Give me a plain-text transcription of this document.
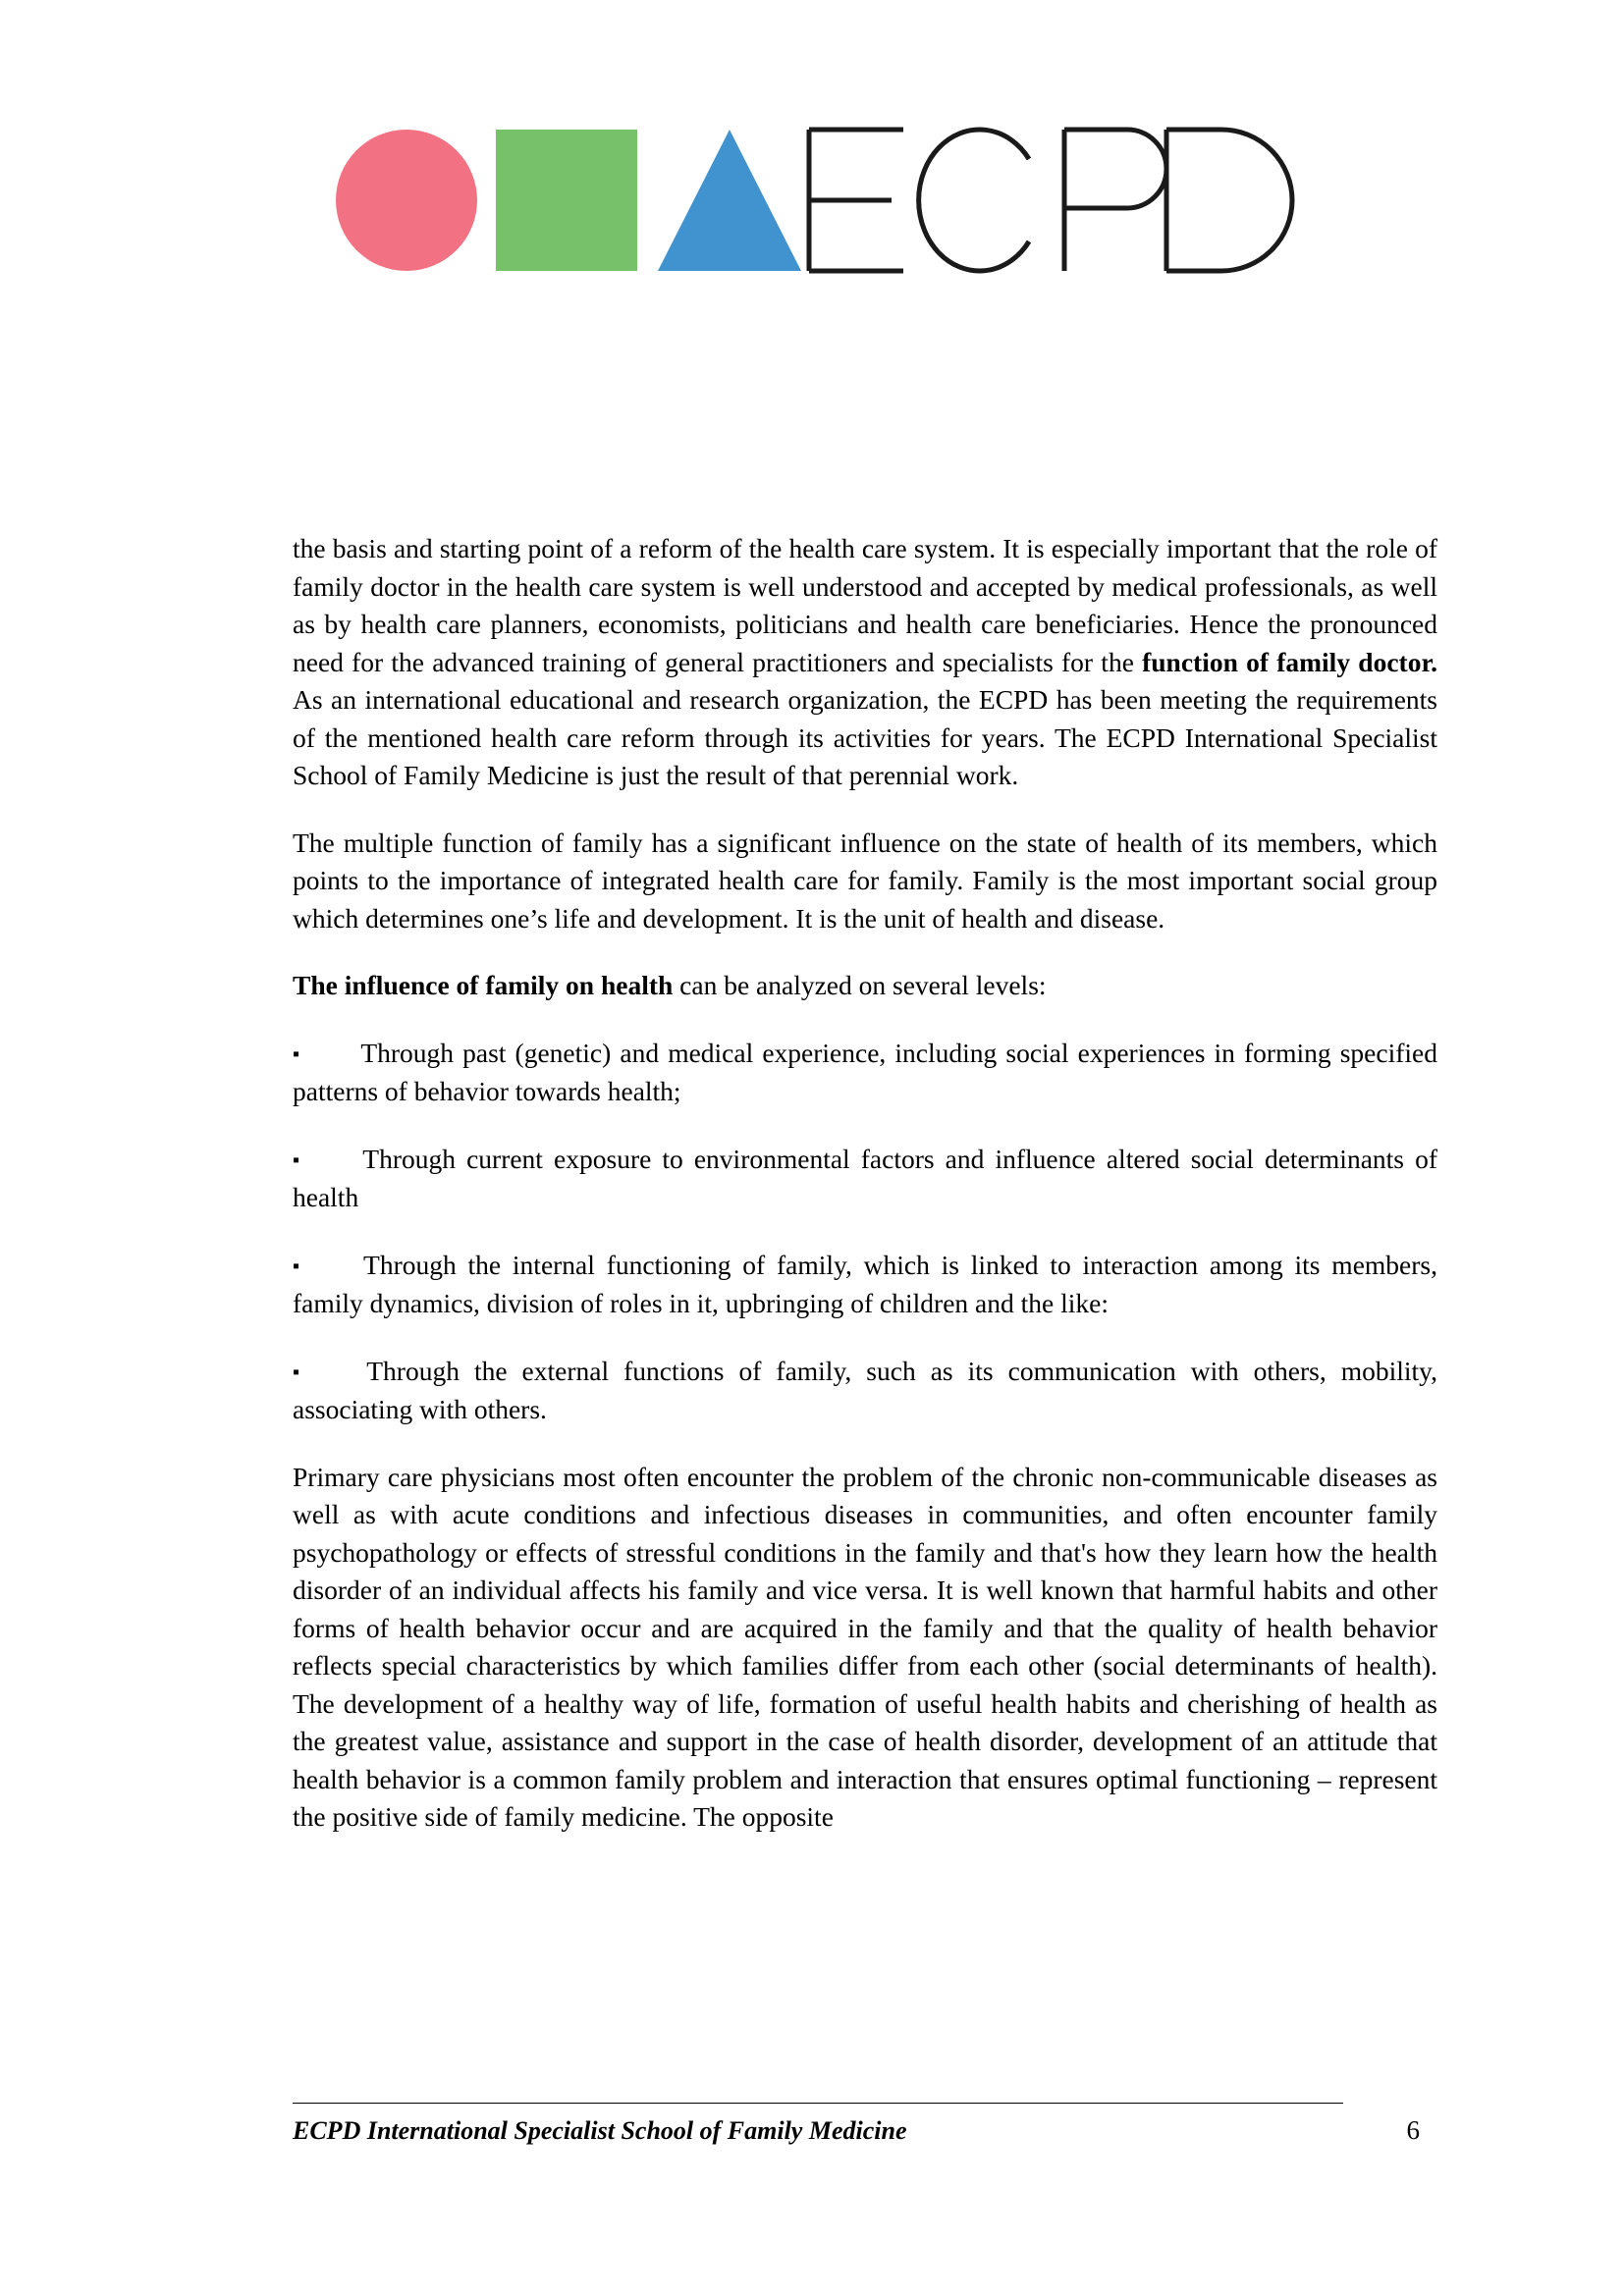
the basis and starting point of a reform of the health care system. It is especially important that the role of family doctor in the health care system is well understood and accepted by medical professionals, as well as by health care planners, economists, politicians and health care beneficiaries. Hence the pronounced need for the advanced training of general practitioners and specialists for the function of family doctor. As an international educational and research organization, the ECPD has been meeting the requirements of the mentioned health care reform through its activities for years. The ECPD International Specialist School of Family Medicine is just the result of that perennial work.

The multiple function of family has a significant influence on the state of health of its members, which points to the importance of integrated health care for family. Family is the most important social group which determines one’s life and development. It is the unit of health and disease.

The influence of family on health can be analyzed on several levels:

▪ Through past (genetic) and medical experience, including social experiences in forming specified patterns of behavior towards health;

▪ Through current exposure to environmental factors and influence altered social determinants of health

▪ Through the internal functioning of family, which is linked to interaction among its members, family dynamics, division of roles in it, upbringing of children and the like:

▪ Through the external functions of family, such as its communication with others, mobility, associating with others.

Primary care physicians most often encounter the problem of the chronic non-communicable diseases as well as with acute conditions and infectious diseases in communities, and often encounter family psychopathology or effects of stressful conditions in the family and that's how they learn how the health disorder of an individual affects his family and vice versa. It is well known that harmful habits and other forms of health behavior occur and are acquired in the family and that the quality of health behavior reflects special characteristics by which families differ from each other (social determinants of health). The development of a healthy way of life, formation of useful health habits and cherishing of health as the greatest value, assistance and support in the case of health disorder, development of an attitude that health behavior is a common family problem and interaction that ensures optimal functioning – represent the positive side of family medicine. The opposite

ECPD International Specialist School of Family Medicine	6
